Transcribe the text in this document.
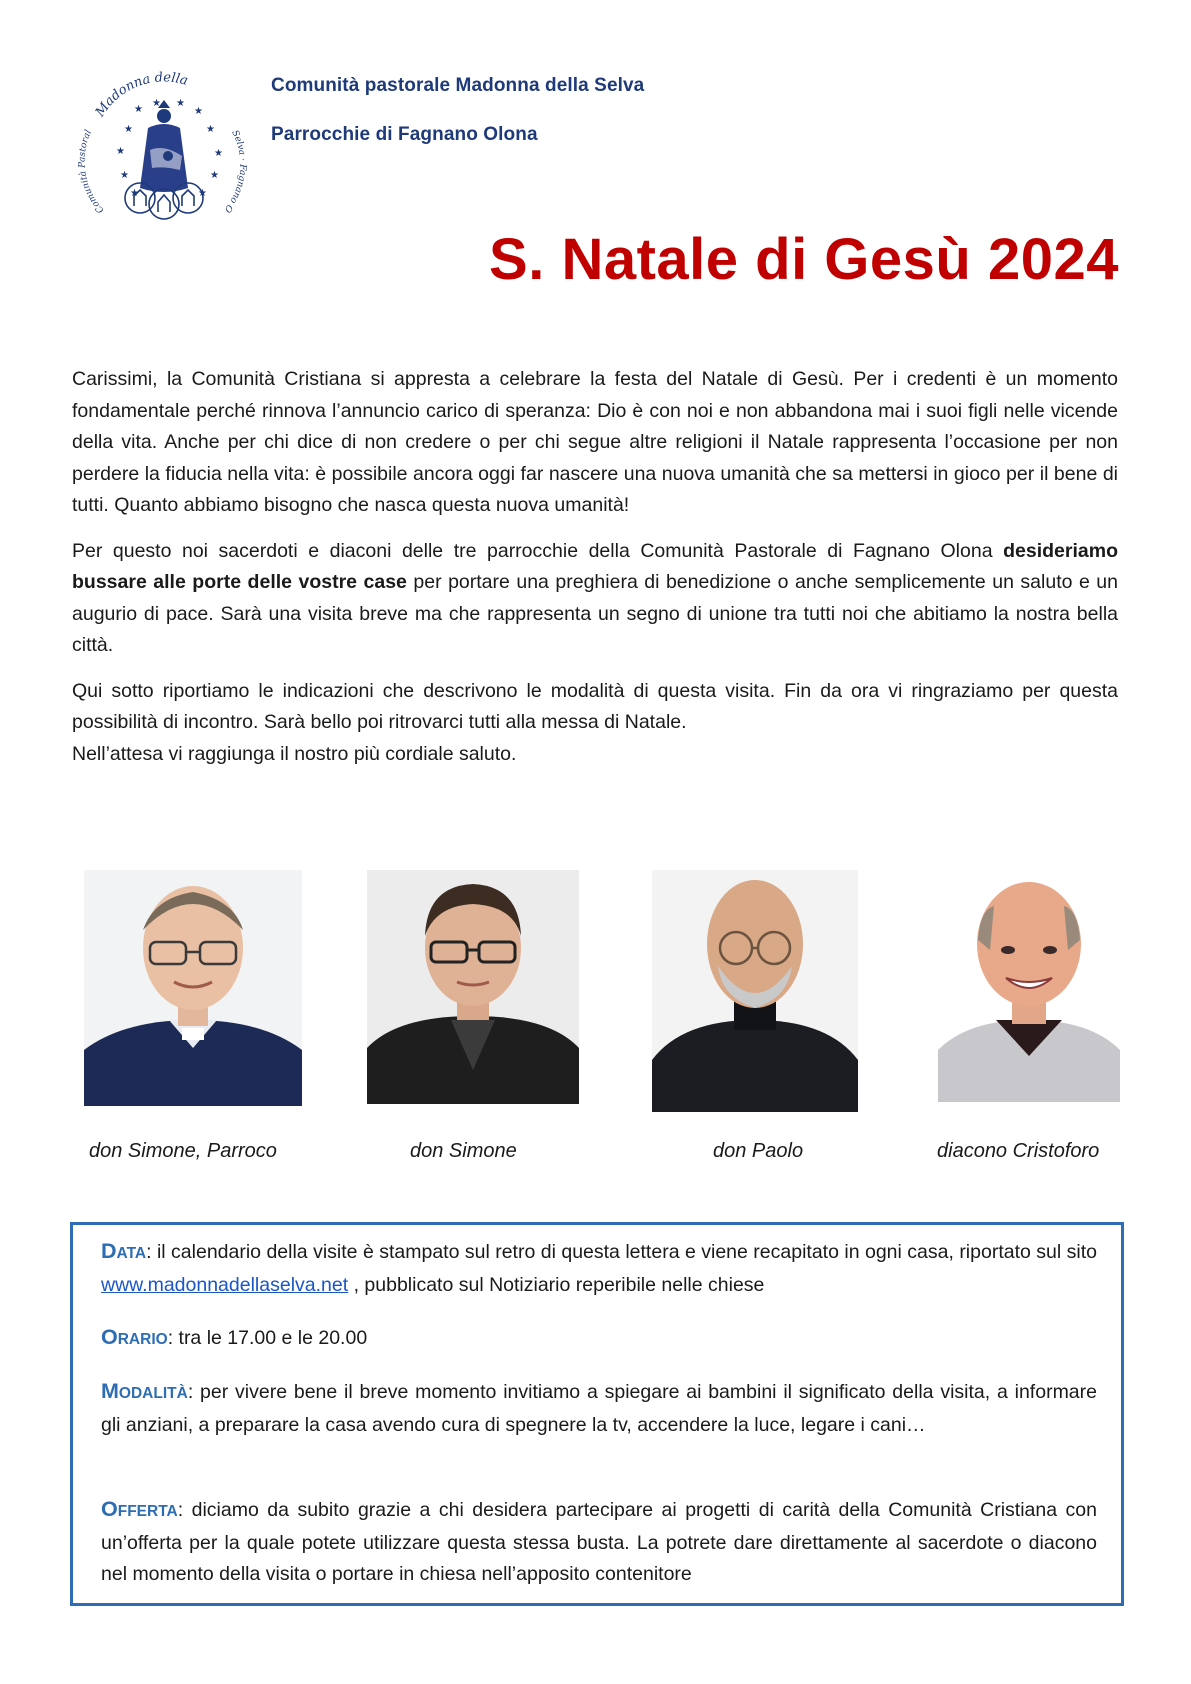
Madonna della
Comunità Pastoral	Selva · Fagnano O
★
★ ★
★
★	★
★	★
★	★
★	★
Comunità pastorale Madonna della Selva
Parrocchie di Fagnano Olona
S. Natale di Gesù 2024

Carissimi, la Comunità Cristiana si appresta a celebrare la festa del Natale di Gesù. Per i credenti è un momento fondamentale perché rinnova l’annuncio carico di speranza: Dio è con noi e non abbandona mai i suoi figli nelle vicende della vita. Anche per chi dice di non credere o per chi segue altre religioni il Natale rappresenta l’occasione per non perdere la fiducia nella vita: è possibile ancora oggi far nascere una nuova umanità che sa mettersi in gioco per il bene di tutti. Quanto abbiamo bisogno che nasca questa nuova umanità!

Per questo noi sacerdoti e diaconi delle tre parrocchie della Comunità Pastorale di Fagnano Olona desideriamo bussare alle porte delle vostre case per portare una preghiera di benedizione o anche semplicemente un saluto e un augurio di pace. Sarà una visita breve ma che rappresenta un segno di unione tra tutti noi che abitiamo la nostra bella città.

Qui sotto riportiamo le indicazioni che descrivono le modalità di questa visita. Fin da ora vi ringraziamo per questa possibilità di incontro. Sarà bello poi ritrovarci tutti alla messa di Natale.

Nell’attesa vi raggiunga il nostro più cordiale saluto.

don Simone, Parroco	don Simone	don Paolo	diacono Cristoforo
DATA: il calendario della visite è stampato sul retro di questa lettera e viene recapitato in ogni casa, riportato sul sito www.madonnadellaselva.net , pubblicato sul Notiziario reperibile nelle chiese
ORARIO: tra le 17.00 e le 20.00
MODALITÀ: per vivere bene il breve momento invitiamo a spiegare ai bambini il significato della visita, a informare gli anziani, a preparare la casa avendo cura di spegnere la tv, accendere la luce, legare i cani…
OFFERTA: diciamo da subito grazie a chi desidera partecipare ai progetti di carità della Comunità Cristiana con un’offerta per la quale potete utilizzare questa stessa busta. La potrete dare direttamente al sacerdote o diacono nel momento della visita o portare in chiesa nell’apposito contenitore
